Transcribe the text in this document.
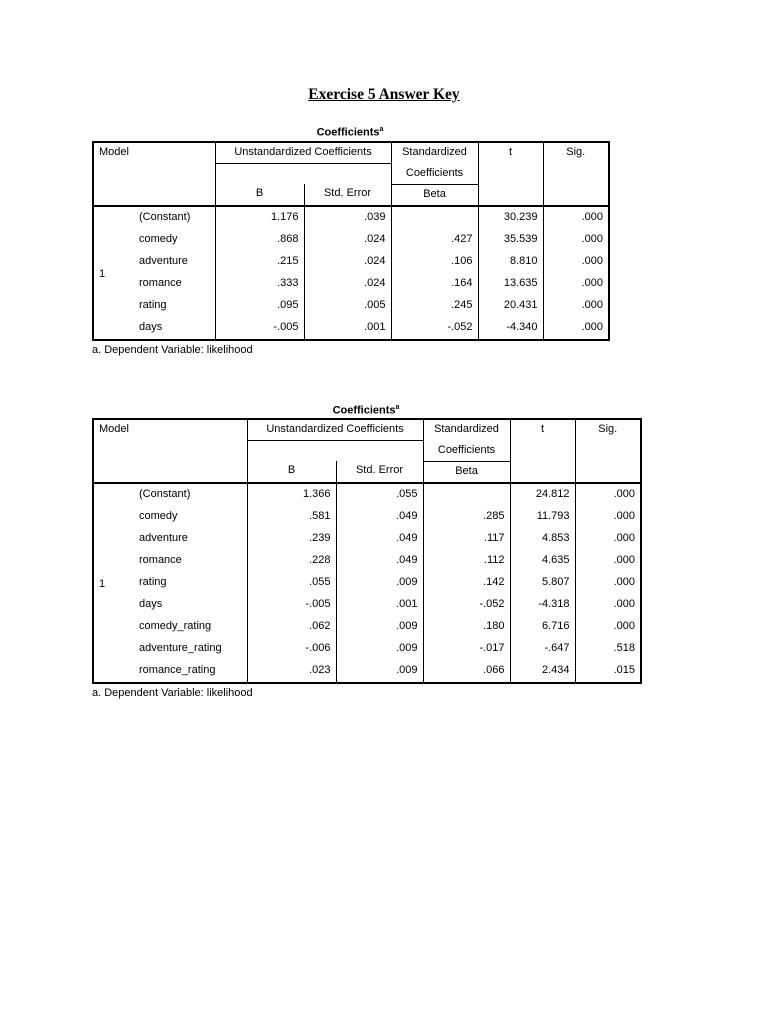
Exercise 5 Answer Key
Coefficients$^a$
Model		Unstandardized Coefficients		Standardized	t	Sig.
				Coefficients		
		B	Std. Error	Beta		
1	(Constant)	1.176	.039		30.239	.000
	comedy	.868	.024	.427	35.539	.000
	adventure	.215	.024	.106	8.810	.000
	romance	.333	.024	.164	13.635	.000
	rating	.095	.005	.245	20.431	.000
	days	-.005	.001	-.052	-4.340	.000
a. Dependent Variable: likelihood
Coefficients$^a$
Model		Unstandardized Coefficients		Standardized	t	Sig.
				Coefficients		
		B	Std. Error	Beta		
1	(Constant)	1.366	.055		24.812	.000
	comedy	.581	.049	.285	11.793	.000
	adventure	.239	.049	.117	4.853	.000
	romance	.228	.049	.112	4.635	.000
	rating	.055	.009	.142	5.807	.000
	days	-.005	.001	-.052	-4.318	.000
	comedy_rating	.062	.009	.180	6.716	.000
	adventure_rating	-.006	.009	-.017	-.647	.518
	romance_rating	.023	.009	.066	2.434	.015
a. Dependent Variable: likelihood
